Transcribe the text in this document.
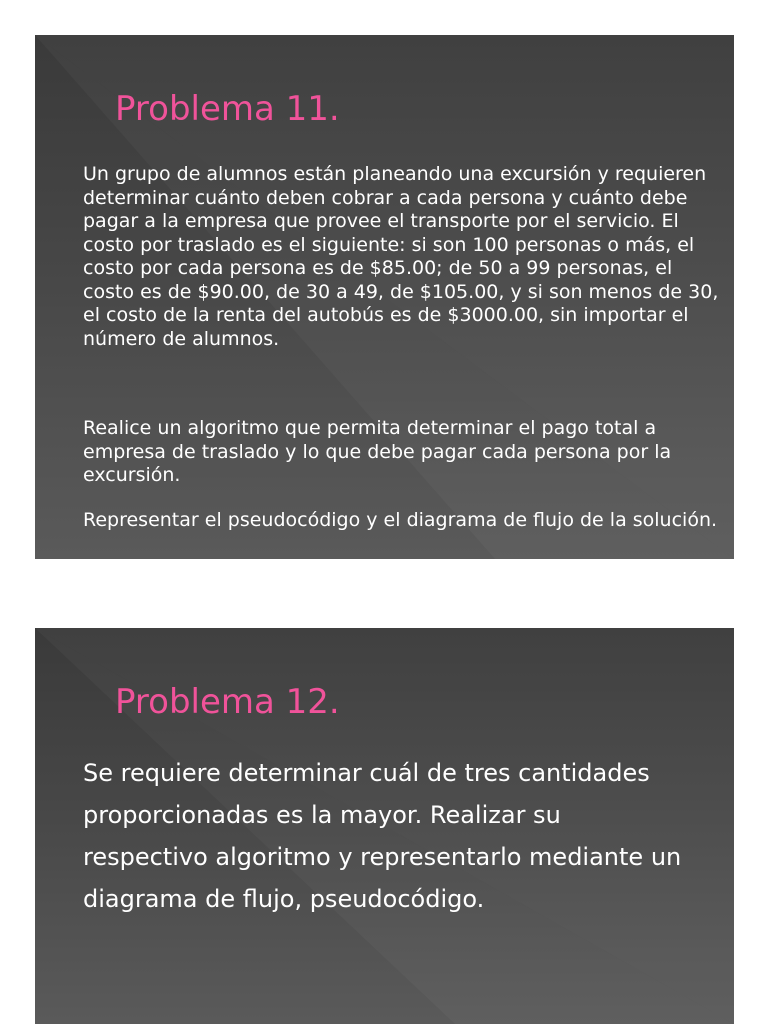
Problema 11.

Un grupo de alumnos están planeando una excursión y requieren determinar cuánto deben cobrar a cada persona y cuánto debe pagar a la empresa que provee el transporte por el servicio. El costo por traslado es el siguiente: si son 100 personas o más, el costo por cada persona es de $85.00; de 50 a 99 personas, el costo es de $90.00, de 30 a 49, de $105.00, y si son menos de 30, el costo de la renta del autobús es de $3000.00, sin importar el número de alumnos.

Realice un algoritmo que permita determinar el pago total a empresa de traslado y lo que debe pagar cada persona por la excursión.

Representar el pseudocódigo y el diagrama de flujo de la solución.

Problema 12.

Se requiere determinar cuál de tres cantidades proporcionadas es la mayor. Realizar su respectivo algoritmo y representarlo mediante un diagrama de flujo, pseudocódigo.
